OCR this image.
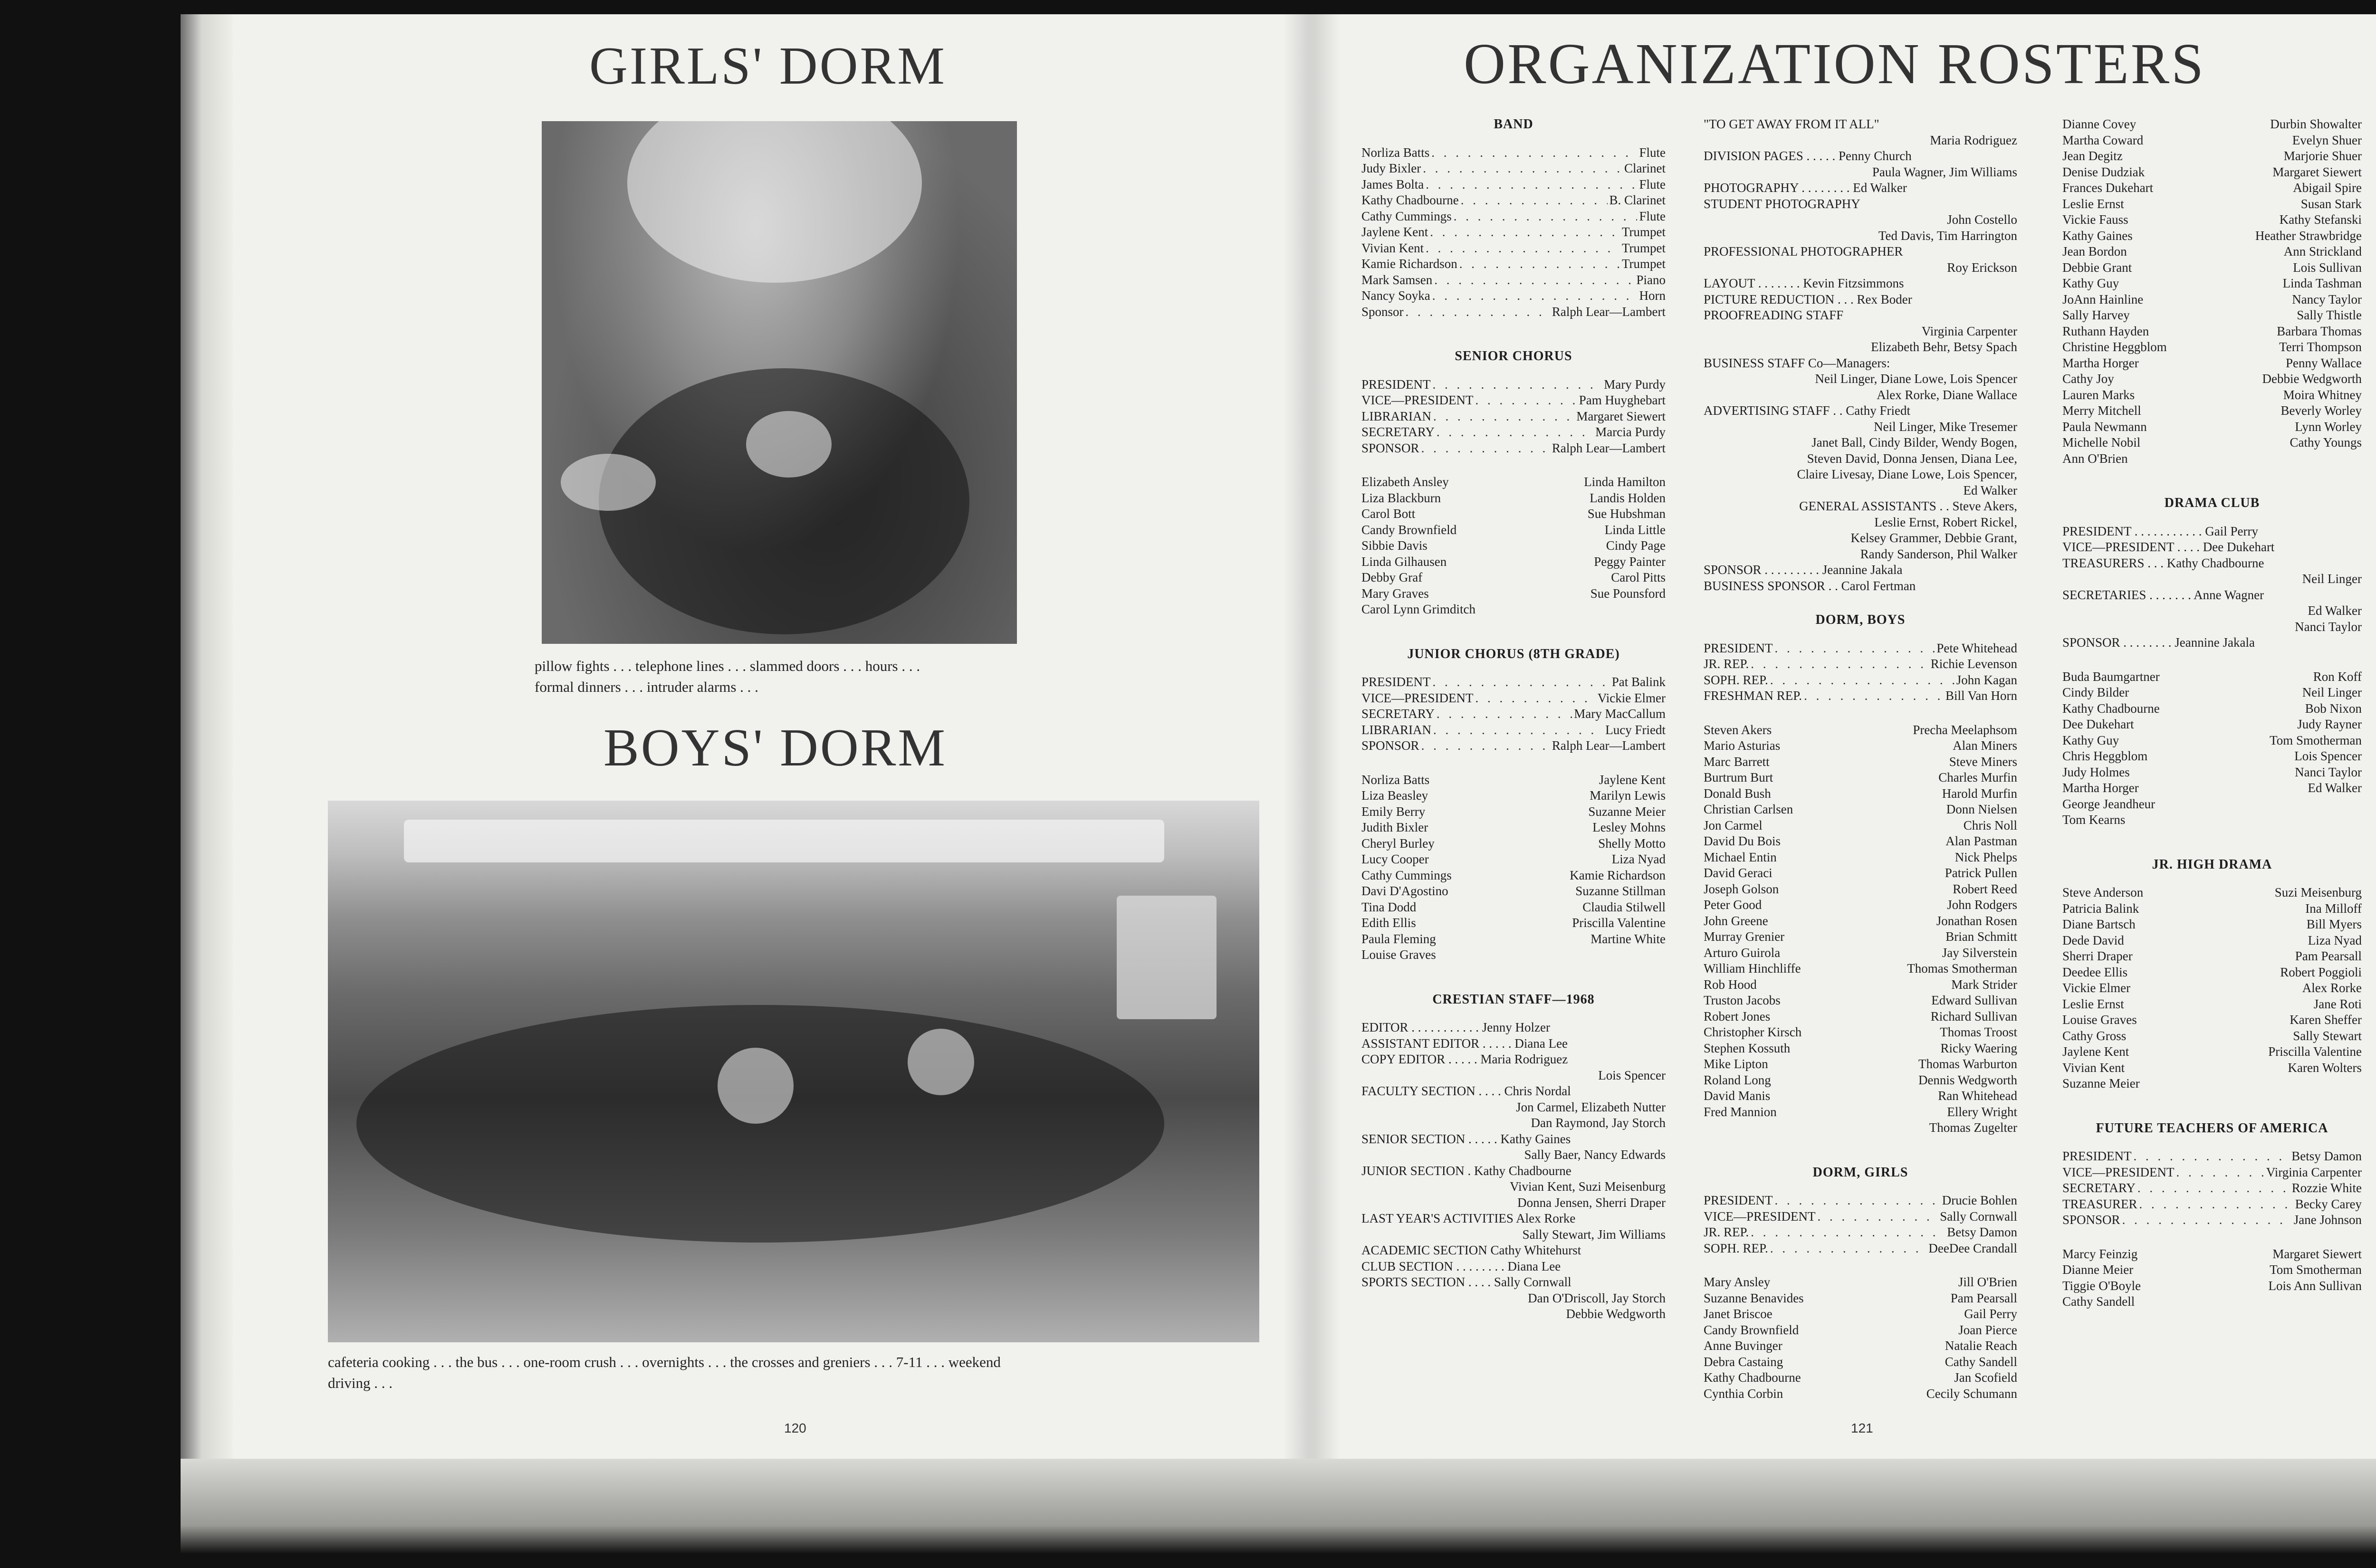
GIRLS' DORM
pillow fights . . . telephone lines . . . slammed doors . . . hours . . .
formal dinners . . . intruder alarms . . .
BOYS' DORM
cafeteria cooking . . . the bus . . . one-room crush . . . overnights . . . the crosses and greniers . . . 7-11 . . . weekend
driving . . .
120
ORGANIZATION ROSTERS
BAND
Norliza Batts . . .	Flute
Judy Bixler . . .	Clarinet
James Bolta . . .	Flute
Kathy Chadbourne . . .	B. Clarinet
Cathy Cummings . . .	Flute
Jaylene Kent . . .	Trumpet
Vivian Kent . . .	Trumpet
Kamie Richardson . . .	Trumpet
Mark Samsen . . .	Piano
Nancy Soyka . . .	Horn
Sponsor . . .	Ralph Lear—Lambert
SENIOR CHORUS
PRESIDENT . . .	Mary Purdy
VICE—PRESIDENT . . .	Pam Huyghebart
LIBRARIAN . . .	Margaret Siewert
SECRETARY . . .	Marcia Purdy
SPONSOR . . .	Ralph Lear—Lambert
Elizabeth Ansley	Linda Hamilton
Liza Blackburn	Landis Holden
Carol Bott	Sue Hubshman
Candy Brownfield	Linda Little
Sibbie Davis	Cindy Page
Linda Gilhausen	Peggy Painter
Debby Graf	Carol Pitts
Mary Graves	Sue Pounsford
Carol Lynn Grimditch
JUNIOR CHORUS (8TH GRADE)
PRESIDENT . . .	Pat Balink
VICE—PRESIDENT . . .	Vickie Elmer
SECRETARY . . .	Mary MacCallum
LIBRARIAN . . .	Lucy Friedt
SPONSOR . . .	Ralph Lear—Lambert
Norliza Batts	Jaylene Kent
Liza Beasley	Marilyn Lewis
Emily Berry	Suzanne Meier
Judith Bixler	Lesley Mohns
Cheryl Burley	Shelly Motto
Lucy Cooper	Liza Nyad
Cathy Cummings	Kamie Richardson
Davi D'Agostino	Suzanne Stillman
Tina Dodd	Claudia Stilwell
Edith Ellis	Priscilla Valentine
Paula Fleming	Martine White
Louise Graves
CRESTIAN STAFF—1968
EDITOR . . . . . . . . . . . Jenny Holzer
ASSISTANT EDITOR . . . . . Diana Lee
COPY EDITOR . . . . . Maria Rodriguez
Lois Spencer
FACULTY SECTION . . . . Chris Nordal
Jon Carmel, Elizabeth Nutter
Dan Raymond, Jay Storch
SENIOR SECTION . . . . . Kathy Gaines
Sally Baer, Nancy Edwards
JUNIOR SECTION . Kathy Chadbourne
Vivian Kent, Suzi Meisenburg
Donna Jensen, Sherri Draper
LAST YEAR'S ACTIVITIES Alex Rorke
Sally Stewart, Jim Williams
ACADEMIC SECTION Cathy Whitehurst
CLUB SECTION . . . . . . . . Diana Lee
SPORTS SECTION . . . . Sally Cornwall
Dan O'Driscoll, Jay Storch
Debbie Wedgworth
"TO GET AWAY FROM IT ALL"
Maria Rodriguez
DIVISION PAGES . . . . . Penny Church
Paula Wagner, Jim Williams
PHOTOGRAPHY . . . . . . . . Ed Walker
STUDENT PHOTOGRAPHY
John Costello
Ted Davis, Tim Harrington
PROFESSIONAL PHOTOGRAPHER
Roy Erickson
LAYOUT . . . . . . . Kevin Fitzsimmons
PICTURE REDUCTION . . . Rex Boder
PROOFREADING STAFF
Virginia Carpenter
Elizabeth Behr, Betsy Spach
BUSINESS STAFF Co—Managers:
Neil Linger, Diane Lowe, Lois Spencer
Alex Rorke, Diane Wallace
ADVERTISING STAFF . . Cathy Friedt
Neil Linger, Mike Tresemer
Janet Ball, Cindy Bilder, Wendy Bogen,
Steven David, Donna Jensen, Diana Lee,
Claire Livesay, Diane Lowe, Lois Spencer,
Ed Walker
GENERAL ASSISTANTS . . Steve Akers,
Leslie Ernst, Robert Rickel,
Kelsey Grammer, Debbie Grant,
Randy Sanderson, Phil Walker
SPONSOR . . . . . . . . . Jeannine Jakala
BUSINESS SPONSOR . . Carol Fertman
DORM, BOYS
PRESIDENT . . .	Pete Whitehead
JR. REP. . . .	Richie Levenson
SOPH. REP. . . .	John Kagan
FRESHMAN REP. . . .	Bill Van Horn
Steven Akers	Precha Meelaphsom
Mario Asturias	Alan Miners
Marc Barrett	Steve Miners
Burtrum Burt	Charles Murfin
Donald Bush	Harold Murfin
Christian Carlsen	Donn Nielsen
Jon Carmel	Chris Noll
David Du Bois	Alan Pastman
Michael Entin	Nick Phelps
David Geraci	Patrick Pullen
Joseph Golson	Robert Reed
Peter Good	John Rodgers
John Greene	Jonathan Rosen
Murray Grenier	Brian Schmitt
Arturo Guirola	Jay Silverstein
William Hinchliffe	Thomas Smotherman
Rob Hood	Mark Strider
Truston Jacobs	Edward Sullivan
Robert Jones	Richard Sullivan
Christopher Kirsch	Thomas Troost
Stephen Kossuth	Ricky Waering
Mike Lipton	Thomas Warburton
Roland Long	Dennis Wedgworth
David Manis	Ran Whitehead
Fred Mannion	Ellery Wright
Thomas Zugelter
DORM, GIRLS
PRESIDENT . . .	Drucie Bohlen
VICE—PRESIDENT . . .	Sally Cornwall
JR. REP. . . .	Betsy Damon
SOPH. REP. . . .	DeeDee Crandall
Mary Ansley	Jill O'Brien
Suzanne Benavides	Pam Pearsall
Janet Briscoe	Gail Perry
Candy Brownfield	Joan Pierce
Anne Buvinger	Natalie Reach
Debra Castaing	Cathy Sandell
Kathy Chadbourne	Jan Scofield
Cynthia Corbin	Cecily Schumann
Dianne Covey	Durbin Showalter
Martha Coward	Evelyn Shuer
Jean Degitz	Marjorie Shuer
Denise Dudziak	Margaret Siewert
Frances Dukehart	Abigail Spire
Leslie Ernst	Susan Stark
Vickie Fauss	Kathy Stefanski
Kathy Gaines	Heather Strawbridge
Jean Bordon	Ann Strickland
Debbie Grant	Lois Sullivan
Kathy Guy	Linda Tashman
JoAnn Hainline	Nancy Taylor
Sally Harvey	Sally Thistle
Ruthann Hayden	Barbara Thomas
Christine Heggblom	Terri Thompson
Martha Horger	Penny Wallace
Cathy Joy	Debbie Wedgworth
Lauren Marks	Moira Whitney
Merry Mitchell	Beverly Worley
Paula Newmann	Lynn Worley
Michelle Nobil	Cathy Youngs
Ann O'Brien
DRAMA CLUB
PRESIDENT . . . . . . . . . . . Gail Perry
VICE—PRESIDENT . . . . Dee Dukehart
TREASURERS . . . Kathy Chadbourne
Neil Linger
SECRETARIES . . . . . . . Anne Wagner
Ed Walker
Nanci Taylor
SPONSOR . . . . . . . . Jeannine Jakala
Buda Baumgartner	Ron Koff
Cindy Bilder	Neil Linger
Kathy Chadbourne	Bob Nixon
Dee Dukehart	Judy Rayner
Kathy Guy	Tom Smotherman
Chris Heggblom	Lois Spencer
Judy Holmes	Nanci Taylor
Martha Horger	Ed Walker
George Jeandheur
Tom Kearns
JR. HIGH DRAMA
Steve Anderson	Suzi Meisenburg
Patricia Balink	Ina Milloff
Diane Bartsch	Bill Myers
Dede David	Liza Nyad
Sherri Draper	Pam Pearsall
Deedee Ellis	Robert Poggioli
Vickie Elmer	Alex Rorke
Leslie Ernst	Jane Roti
Louise Graves	Karen Sheffer
Cathy Gross	Sally Stewart
Jaylene Kent	Priscilla Valentine
Vivian Kent	Karen Wolters
Suzanne Meier
FUTURE TEACHERS OF AMERICA
PRESIDENT . . .	Betsy Damon
VICE—PRESIDENT . . .	Virginia Carpenter
SECRETARY . . .	Rozzie White
TREASURER . . .	Becky Carey
SPONSOR . . .	Jane Johnson
Marcy Feinzig	Margaret Siewert
Dianne Meier	Tom Smotherman
Tiggie O'Boyle	Lois Ann Sullivan
Cathy Sandell
121
